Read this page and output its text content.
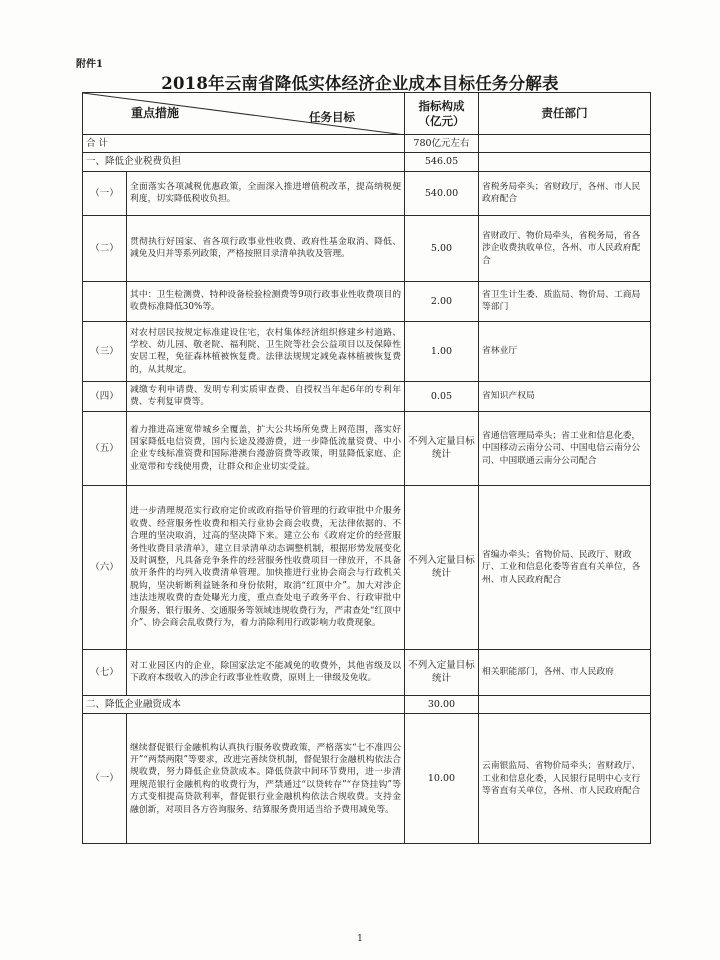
附件1
2018年云南省降低实体经济企业成本目标任务分解表
重点措施 任务目标		指标构成（亿元）	责任部门
合 计		780亿元左右	
一、降低企业税费负担		546.05	
（一）	全面落实各项减税优惠政策，全面深入推进增值税改革，提高纳税便利度，切实降低税收负担。	540.00	省税务局牵头；省财政厅，各州、市人民政府配合
（二）	贯彻执行好国家、省各项行政事业性收费、政府性基金取消、降低、减免及归并等系列政策，严格按照目录清单执收及管理。	5.00	省财政厅、物价局牵头，省税务局，省各涉企收费执收单位，各州、市人民政府配合
	其中：卫生检测费、特种设备检验检测费等9项行政事业性收费项目的收费标准降低30%等。	2.00	省卫生计生委、质监局、物价局、工商局等部门
（三）	对农村居民按规定标准建设住宅，农村集体经济组织修建乡村道路、学校、幼儿园、敬老院、福利院、卫生院等社会公益项目以及保障性安居工程，免征森林植被恢复费。法律法规规定减免森林植被恢复费的，从其规定。	1.00	省林业厅
（四）	减缴专利申请费、发明专利实质审查费、自授权当年起6年的专利年费、专利复审费等。	0.05	省知识产权局
（五）	着力推进高速宽带城乡全覆盖，扩大公共场所免费上网范围，落实好国家降低电信资费，国内长途及漫游费，进一步降低流量资费、中小企业专线标准资费和国际港澳台漫游资费等政策，明显降低家庭、企业宽带和专线使用费，让群众和企业切实受益。	不列入定量目标统计	省通信管理局牵头；省工业和信息化委，中国移动云南分公司、中国电信云南分公司、中国联通云南分公司配合
（六）	进一步清理规范实行政府定价或政府指导价管理的行政审批中介服务收费、经营服务性收费和相关行业协会商会收费，无法律依据的、不合理的坚决取消，过高的坚决降下来。建立公布《政府定价的经营服务性收费目录清单》，建立目录清单动态调整机制，根据形势发展变化及时调整，凡具备竞争条件的经营服务性收费项目一律放开，不具备放开条件的均列入收费清单管理。加快推进行业协会商会与行政机关脱钩，坚决斩断利益链条和身份依附，取消“红顶中介”。加大对涉企违法违规收费的查处曝光力度，重点查处电子政务平台、行政审批中介服务、银行服务、交通服务等领域违规收费行为，严肃查处“红顶中介”、协会商会乱收费行为，着力消除利用行政影响力收费现象。	不列入定量目标统计	省编办牵头；省物价局、民政厅、财政厅、工业和信息化委等省直有关单位，各州、市人民政府配合
（七）	对工业园区内的企业，除国家法定不能减免的收费外，其他省级及以下政府本级收入的涉企行政事业性收费，原则上一律级及免收。	不列入定量目标统计	相关职能部门，各州、市人民政府
二、降低企业融资成本		30.00	
（一）	继续督促银行金融机构认真执行服务收费政策，严格落实“七不准四公开”“两禁两限”等要求，改进完善续贷机制，督促银行金融机构依法合规收费，努力降低企业贷款成本。降低贷款中间环节费用，进一步清理规范银行金融机构的收费行为，严禁通过“以贷转存”“存贷挂钩”等方式变相提高贷款利率，督促银行业金融机构依法合规收费。支持金融创新，对项目各方咨询服务、结算服务费用适当给予费用减免等。	10.00	云南银监局、省物价局牵头；省财政厅、工业和信息化委，人民银行昆明中心支行等省直有关单位，各州、市人民政府配合
1
